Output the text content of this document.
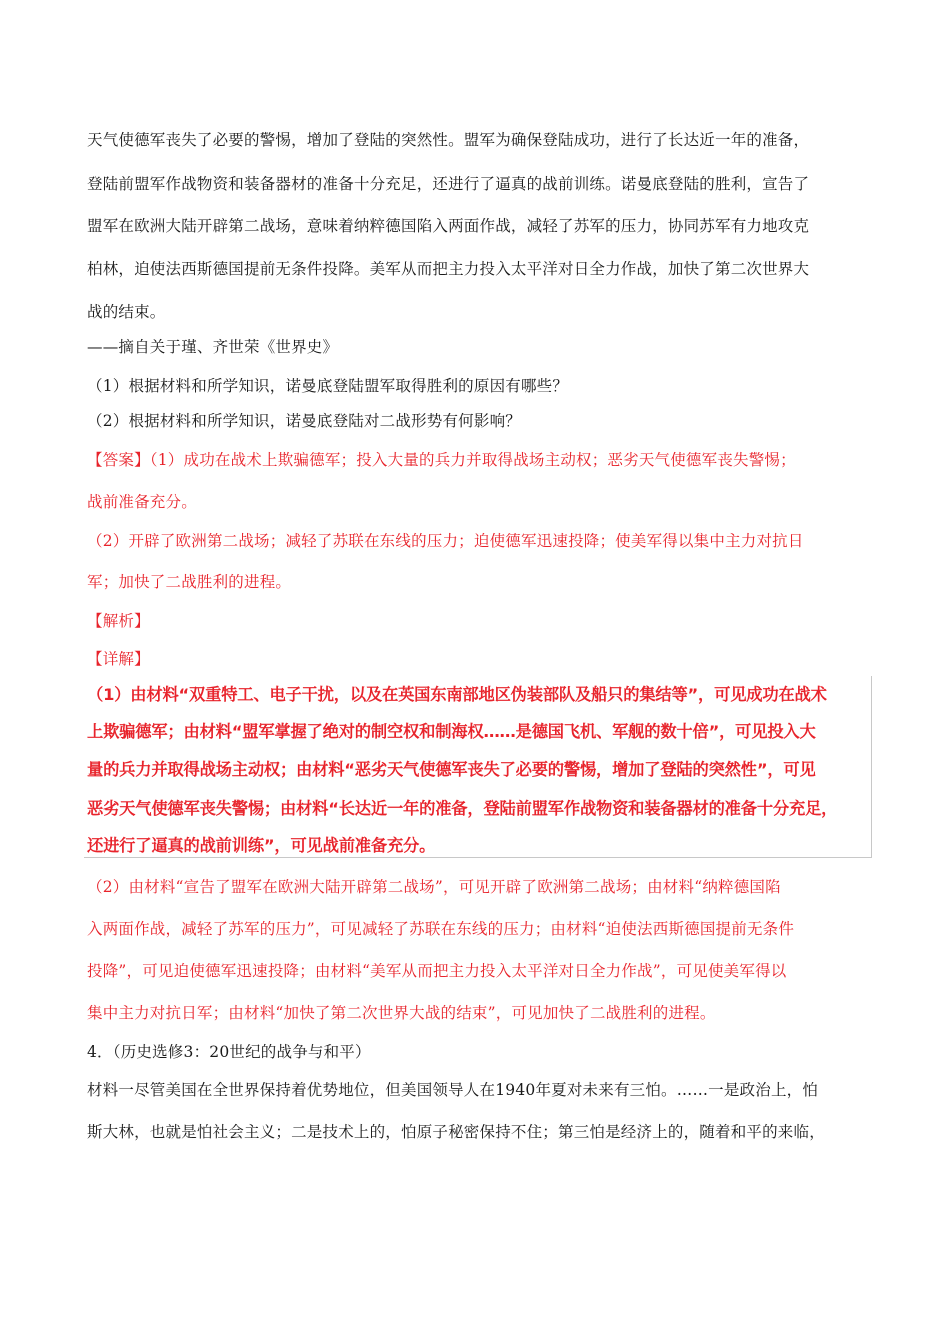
天气使德军丧失了必要的警惕，增加了登陆的突然性。盟军为确保登陆成功，进行了长达近一年的准备，
登陆前盟军作战物资和装备器材的准备十分充足，还进行了逼真的战前训练。诺曼底登陆的胜利，宣告了
盟军在欧洲大陆开辟第二战场，意味着纳粹德国陷入两面作战，减轻了苏军的压力，协同苏军有力地攻克
柏林，迫使法西斯德国提前无条件投降。美军从而把主力投入太平洋对日全力作战，加快了第二次世界大
战的结束。
——摘自关于瑾、齐世荣《世界史》
（1）根据材料和所学知识，诺曼底登陆盟军取得胜利的原因有哪些？
（2）根据材料和所学知识，诺曼底登陆对二战形势有何影响？
【答案】（1）成功在战术上欺骗德军；投入大量的兵力并取得战场主动权；恶劣天气使德军丧失警惕；
战前准备充分。
（2）开辟了欧洲第二战场；减轻了苏联在东线的压力；迫使德军迅速投降；使美军得以集中主力对抗日
军；加快了二战胜利的进程。
【解析】
【详解】
（1）由材料“双重特工、电子干扰，以及在英国东南部地区伪装部队及船只的集结等”，可见成功在战术
上欺骗德军；由材料“盟军掌握了绝对的制空权和制海权……是德国飞机、军舰的数十倍”，可见投入大
量的兵力并取得战场主动权；由材料“恶劣天气使德军丧失了必要的警惕，增加了登陆的突然性”，可见
恶劣天气使德军丧失警惕；由材料“长达近一年的准备，登陆前盟军作战物资和装备器材的准备十分充足，
还进行了逼真的战前训练”，可见战前准备充分。
（2）由材料“宣告了盟军在欧洲大陆开辟第二战场”，可见开辟了欧洲第二战场；由材料“纳粹德国陷
入两面作战，减轻了苏军的压力”，可见减轻了苏联在东线的压力；由材料“迫使法西斯德国提前无条件
投降”，可见迫使德军迅速投降；由材料“美军从而把主力投入太平洋对日全力作战”，可见使美军得以
集中主力对抗日军；由材料“加快了第二次世界大战的结束”，可见加快了二战胜利的进程。
4．（历史选修3：20世纪的战争与和平）
材料一尽管美国在全世界保持着优势地位，但美国领导人在1940年夏对未来有三怕。……一是政治上，怕
斯大林，也就是怕社会主义；二是技术上的，怕原子秘密保持不住；第三怕是经济上的，随着和平的来临，
